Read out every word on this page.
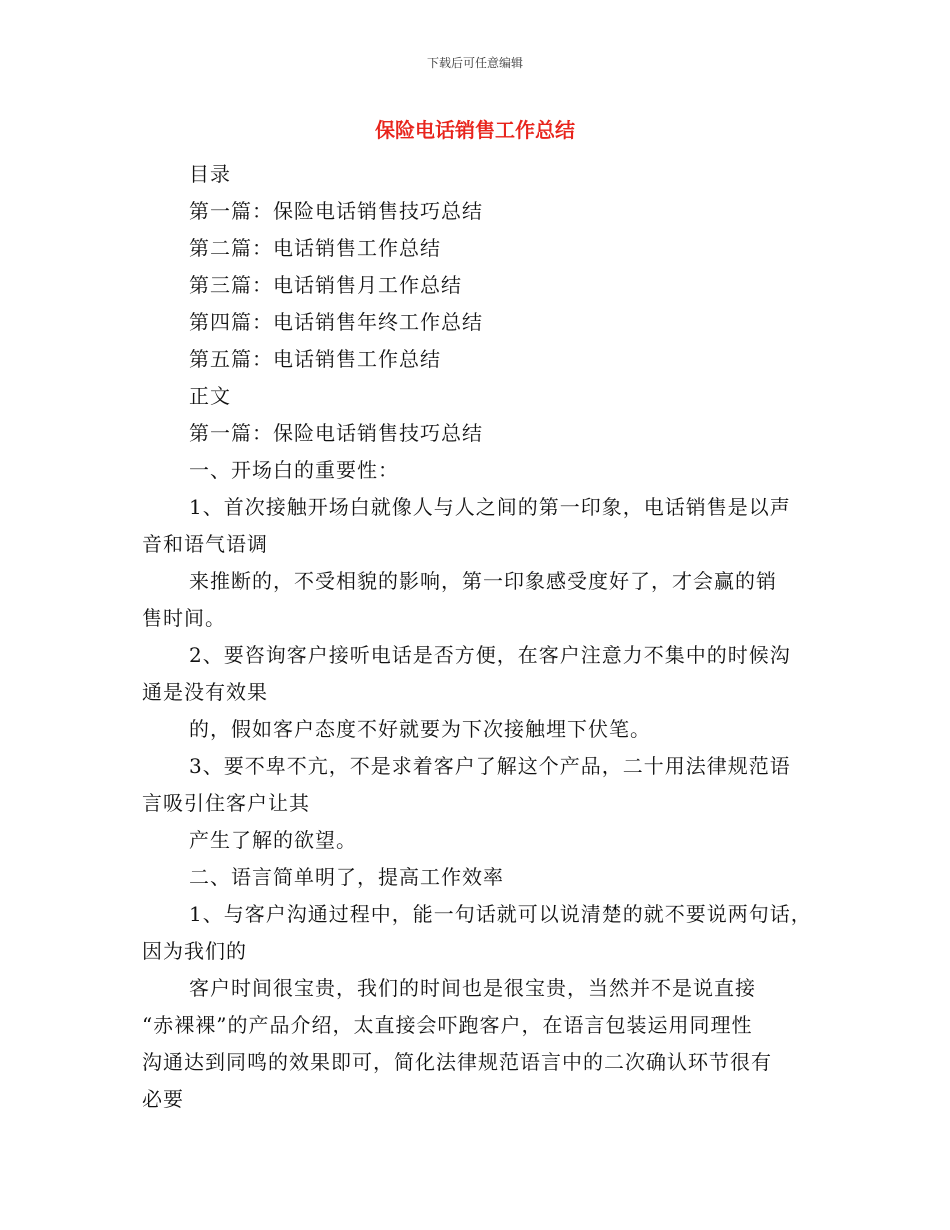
下载后可任意编辑
保险电话销售工作总结

目录

第一篇：保险电话销售技巧总结

第二篇：电话销售工作总结

第三篇：电话销售月工作总结

第四篇：电话销售年终工作总结

第五篇：电话销售工作总结

正文

第一篇：保险电话销售技巧总结

一、开场白的重要性：

1、首次接触开场白就像人与人之间的第一印象，电话销售是以声

音和语气语调

来推断的，不受相貌的影响，第一印象感受度好了，才会赢的销

售时间。

2、要咨询客户接听电话是否方便，在客户注意力不集中的时候沟

通是没有效果

的，假如客户态度不好就要为下次接触埋下伏笔。

3、要不卑不亢，不是求着客户了解这个产品，二十用法律规范语

言吸引住客户让其

产生了解的欲望。

二、语言简单明了，提高工作效率

1、与客户沟通过程中，能一句话就可以说清楚的就不要说两句话，

因为我们的

客户时间很宝贵，我们的时间也是很宝贵，当然并不是说直接

“赤裸裸”的产品介绍，太直接会吓跑客户，在语言包装运用同理性

沟通达到同鸣的效果即可，简化法律规范语言中的二次确认环节很有

必要
